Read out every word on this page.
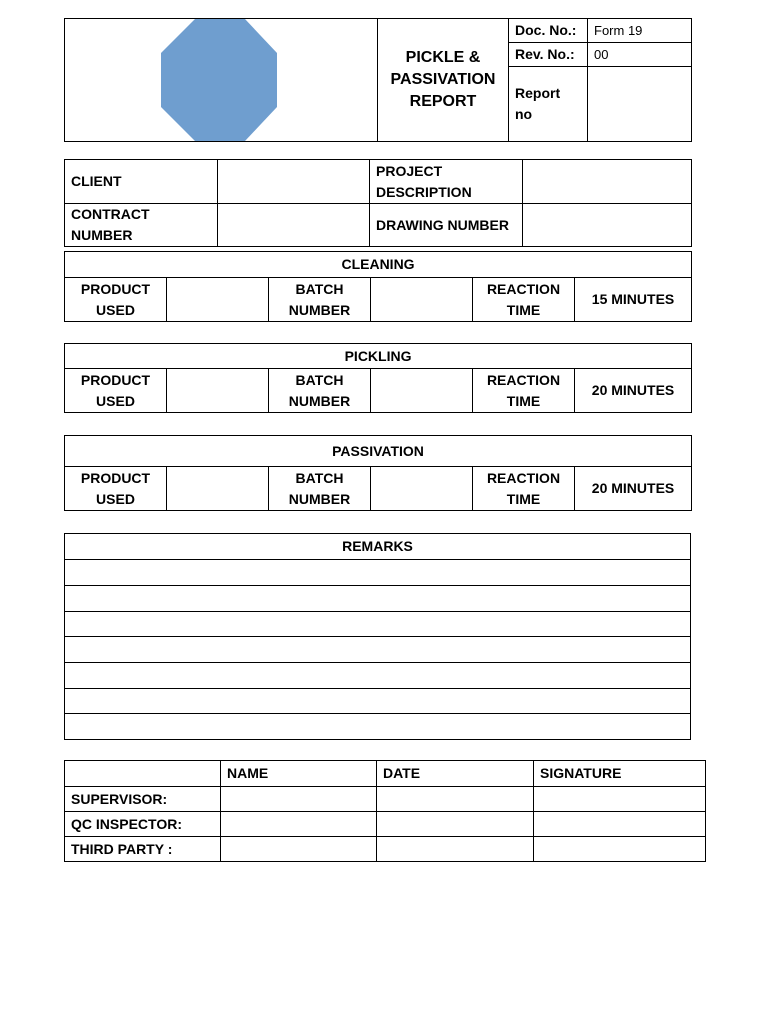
	PICKLE & PASSIVATION REPORT	Doc. No.:	Form 19
		Rev. No.:	00
		Report no	
CLIENT		PROJECT DESCRIPTION	
CONTRACT NUMBER		DRAWING NUMBER	
CLEANING
PRODUCT USED		BATCH NUMBER		REACTION TIME	15 MINUTES
PICKLING
PRODUCT USED		BATCH NUMBER		REACTION TIME	20 MINUTES
PASSIVATION
PRODUCT USED		BATCH NUMBER		REACTION TIME	20 MINUTES
REMARKS

	NAME	DATE	SIGNATURE
SUPERVISOR:			
QC INSPECTOR:			
THIRD PARTY :			
